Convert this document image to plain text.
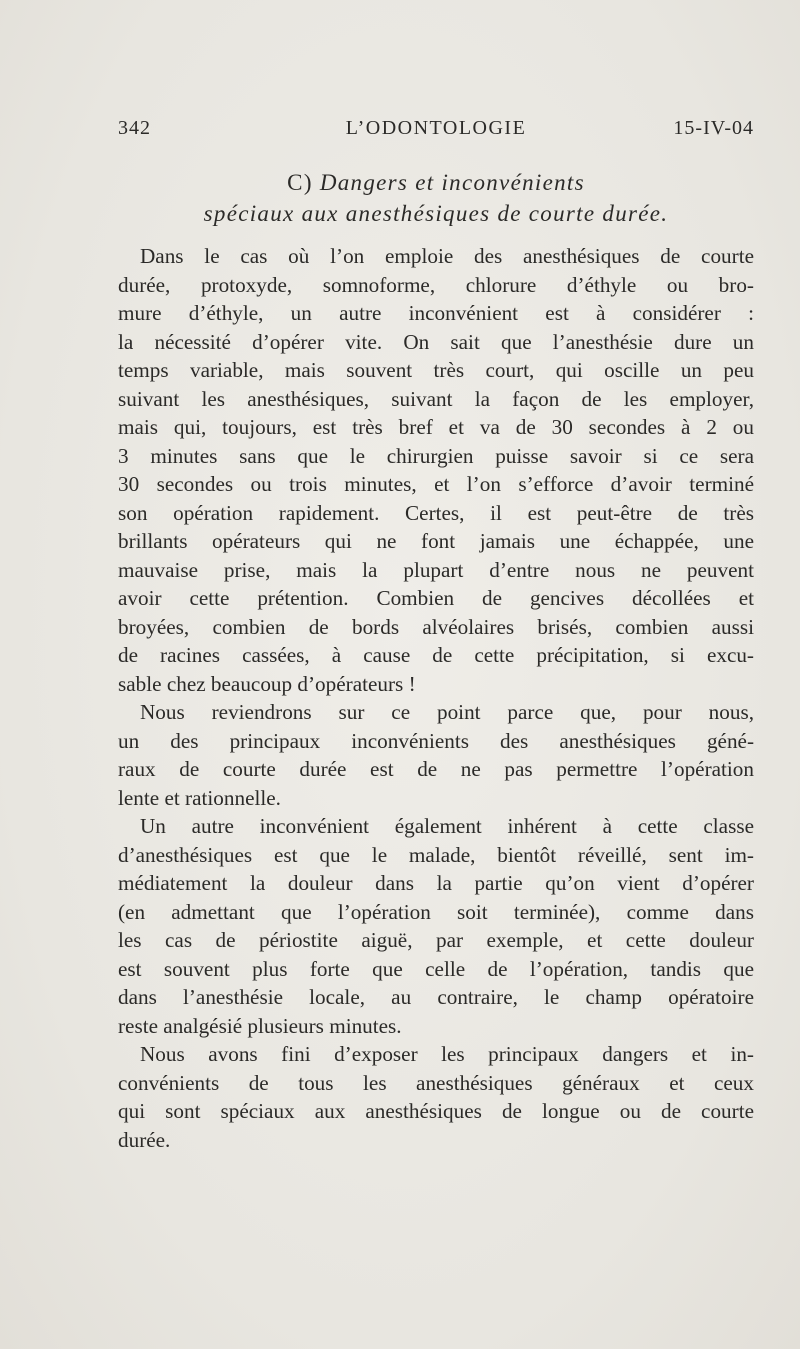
342	L’ODONTOLOGIE	15-IV-04
C) Dangers et inconvénients
spéciaux aux anesthésiques de courte durée.
Dans le cas où l’on emploie des anesthésiques de courte
durée, protoxyde, somnoforme, chlorure d’éthyle ou bro-
mure d’éthyle, un autre inconvénient est à considérer :
la nécessité d’opérer vite. On sait que l’anesthésie dure un
temps variable, mais souvent très court, qui oscille un peu
suivant les anesthésiques, suivant la façon de les employer,
mais qui, toujours, est très bref et va de 30 secondes à 2 ou
3 minutes sans que le chirurgien puisse savoir si ce sera
30 secondes ou trois minutes, et l’on s’efforce d’avoir terminé
son opération rapidement. Certes, il est peut-être de très
brillants opérateurs qui ne font jamais une échappée, une
mauvaise prise, mais la plupart d’entre nous ne peuvent
avoir cette prétention. Combien de gencives décollées et
broyées, combien de bords alvéolaires brisés, combien aussi
de racines cassées, à cause de cette précipitation, si excu-
sable chez beaucoup d’opérateurs !
Nous reviendrons sur ce point parce que, pour nous,
un des principaux inconvénients des anesthésiques géné-
raux de courte durée est de ne pas permettre l’opération
lente et rationnelle.
Un autre inconvénient également inhérent à cette classe
d’anesthésiques est que le malade, bientôt réveillé, sent im-
médiatement la douleur dans la partie qu’on vient d’opérer
(en admettant que l’opération soit terminée), comme dans
les cas de périostite aiguë, par exemple, et cette douleur
est souvent plus forte que celle de l’opération, tandis que
dans l’anesthésie locale, au contraire, le champ opératoire
reste analgésié plusieurs minutes.
Nous avons fini d’exposer les principaux dangers et in-
convénients de tous les anesthésiques généraux et ceux
qui sont spéciaux aux anesthésiques de longue ou de courte
durée.
